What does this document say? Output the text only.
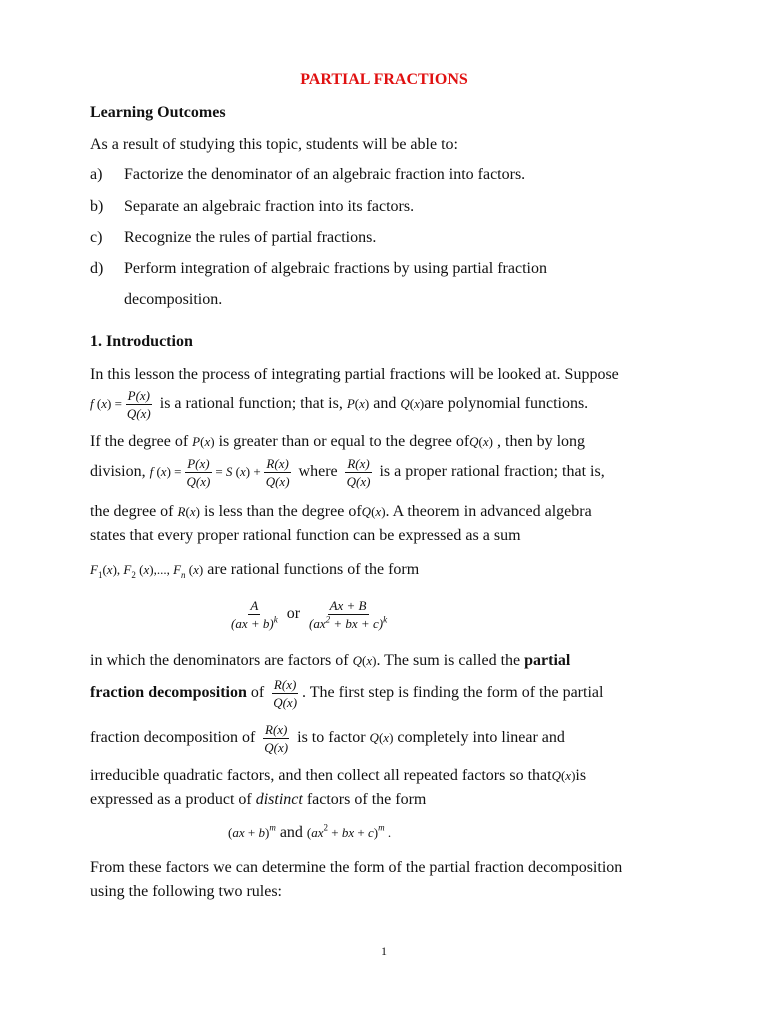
PARTIAL FRACTIONS
Learning Outcomes
As a result of studying this topic, students will be able to:
a) Factorize the denominator of an algebraic fraction into factors.
b) Separate an algebraic fraction into its factors.
c) Recognize the rules of partial fractions.
d) Perform integration of algebraic fractions by using partial fraction
decomposition.
1. Introduction
In this lesson the process of integrating partial fractions will be looked at. Suppose
f $(x) = \frac{P(x)}{Q(x)}$ is a rational function; that is, P(x) and Q(x)are polynomial functions.
If the degree of P(x) is greater than or equal to the degree ofQ(x) , then by long
division, f $(x) = \frac{P(x)}{Q(x)} = S$ $(x) + \frac{R(x)}{Q(x)}$ where $\frac{R(x)}{Q(x)}$ is a proper rational fraction; that is,
the degree of R(x) is less than the degree ofQ(x). A theorem in advanced algebra
states that every proper rational function can be expressed as a sum
$F_1(x)$, $F_2$ (x),..., $F_n$ (x) are rational functions of the form
$\frac{A}{(ax + b)^k}$ or $\frac{Ax + B}{(ax^2 + bx + c)^k}$
in which the denominators are factors of Q(x). The sum is called the partial
fraction decomposition of $\frac{R(x)}{Q(x)}$ . The first step is finding the form of the partial
fraction decomposition of $\frac{R(x)}{Q(x)}$ is to factor Q(x) completely into linear and
irreducible quadratic factors, and then collect all repeated factors so thatQ(x)is
expressed as a product of distinct factors of the form
(ax + b)$^m$ and ($ax^2$ + bx + c)$^m$ .
From these factors we can determine the form of the partial fraction decomposition
using the following two rules:
1
